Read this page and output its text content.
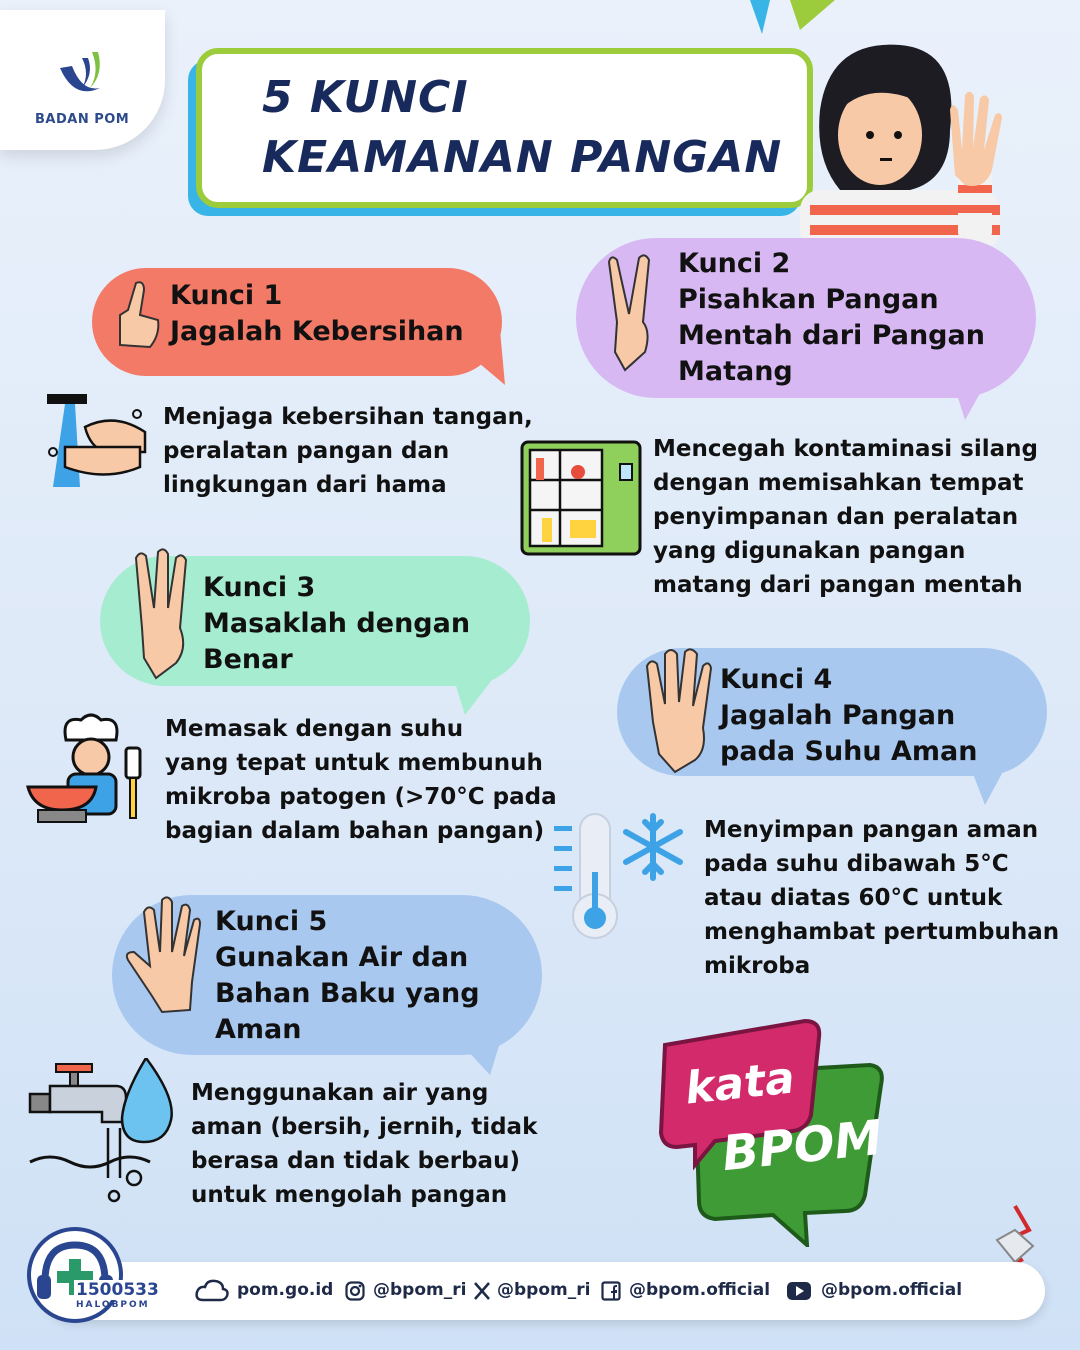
BADAN POM	5 KUNCI
KEAMANAN PANGAN
Kunci 1
Jagalah Kebersihan
Menjaga kebersihan tangan,
peralatan pangan dan
lingkungan dari hama
Kunci 2
Pisahkan Pangan
Mentah dari Pangan
Matang
Mencegah kontaminasi silang
dengan memisahkan tempat
penyimpanan dan peralatan
yang digunakan pangan
matang dari pangan mentah
Kunci 3
Masaklah dengan
Benar
Memasak dengan suhu
yang tepat untuk membunuh
mikroba patogen (>70°C pada
bagian dalam bahan pangan)
Kunci 4
Jagalah Pangan
pada Suhu Aman
Menyimpan pangan aman
pada suhu dibawah 5°C
atau diatas 60°C untuk
menghambat pertumbuhan
mikroba
Kunci 5
Gunakan Air dan
Bahan Baku yang
Aman
Menggunakan air yang
aman (bersih, jernih, tidak
berasa dan tidak berbau)
untuk mengolah pangan
kata
BPOM
pom.go.id @bpom_ri @bpom_ri @bpom.official	@bpom.official
1500533
HALOBPOM
